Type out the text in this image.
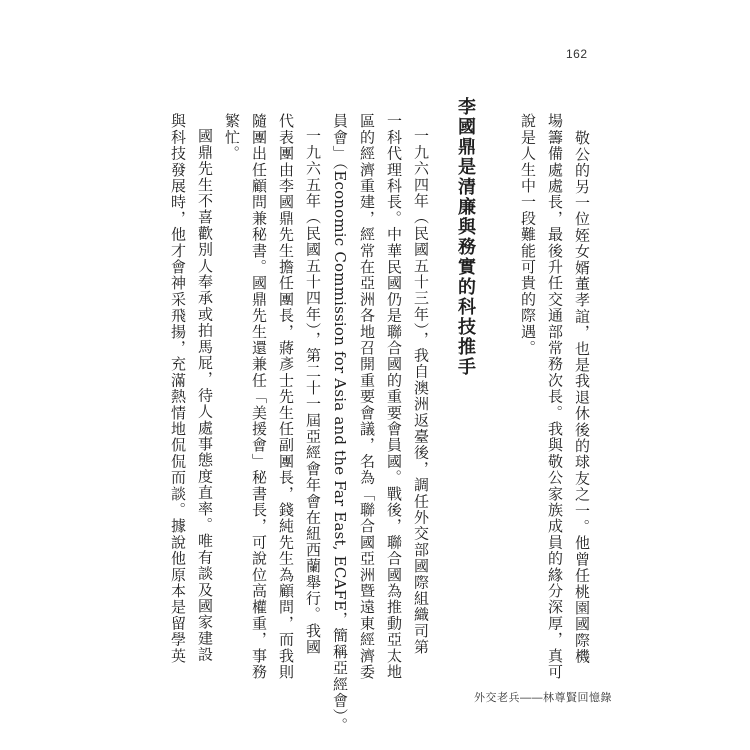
162
敬公的另一位姪女婿董孝誼，也是我退休後的球友之一。他曾任桃園國際機
場籌備處處長，最後升任交通部常務次長。我與敬公家族成員的緣分深厚，真可
說是人生中一段難能可貴的際遇。
李國鼎是清廉與務實的科技推手
一九六四年（民國五十三年），我自澳洲返臺後，調任外交部國際組織司第
一科代理科長。中華民國仍是聯合國的重要會員國。戰後，聯合國為推動亞太地
區的經濟重建，經常在亞洲各地召開重要會議，名為「聯合國亞洲暨遠東經濟委
員會」（Economic Commission for Asia and the Far East, ECAFE，簡稱亞經會）。
一九六五年（民國五十四年），第二十一屆亞經會年會在紐西蘭舉行。我國
代表團由李國鼎先生擔任團長，蔣彥士先生任副團長，錢純先生為顧問，而我則
隨團出任顧問兼秘書。國鼎先生還兼任「美援會」秘書長，可說位高權重，事務
繁忙。
國鼎先生不喜歡別人奉承或拍馬屁，待人處事態度直率。唯有談及國家建設
與科技發展時，他才會神采飛揚，充滿熱情地侃侃而談。據說他原本是留學英
外交老兵——林尊賢回憶錄
